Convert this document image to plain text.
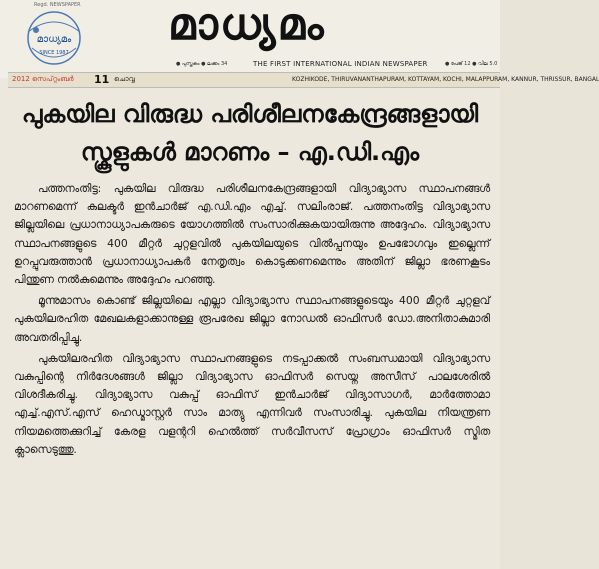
Regd. NEWSPAPER
മാധ്യമം
SINCE 1987
മാധ്യമം
● പുസ്തകം ● ലക്കം 34	THE FIRST INTERNATIONAL INDIAN NEWSPAPER	● പേജ് 12 ● വില 5.0
2012 സെപ്റ്റംബർ 11 ചൊവ്വ	KOZHIKODE, THIRUVANANTHAPURAM, KOTTAYAM, KOCHI, MALAPPURAM, KANNUR, THRISSUR, BANGAL
പുകയില വിരുദ്ധ പരിശീലനകേന്ദ്രങ്ങളായി
സ്കൂളുകൾ മാറണം – എ.ഡി.എം

പത്തനംതിട്ട: പുകയില വിരുദ്ധ പരിശീലനകേന്ദ്രങ്ങളായി വിദ്യാഭ്യാസ സ്ഥാപനങ്ങൾ മാറണമെന്ന് കലക്ടർ ഇൻചാർജ് എ.ഡി.എം എച്ച്. സലിംരാജ്. പത്തനംതിട്ട വിദ്യാഭ്യാസ ജില്ലയിലെ പ്രധാനാധ്യാപകരുടെ യോഗത്തിൽ സംസാരിക്കുകയായിരുന്നു അദ്ദേഹം. വിദ്യാഭ്യാസ സ്ഥാപനങ്ങളുടെ 400 മീറ്റർ ചുറ്റളവിൽ പുകയിലയുടെ വിൽപ്പനയും ഉപഭോഗവും ഇല്ലെന്ന് ഉറപ്പുവരുത്താൻ പ്രധാനാധ്യാപകർ നേതൃത്വം കൊടുക്കണമെന്നും അതിന് ജില്ലാ ഭരണകൂടം പിന്തുണ നൽകുമെന്നും അദ്ദേഹം പറഞ്ഞു.

മൂന്നുമാസം കൊണ്ട് ജില്ലയിലെ എല്ലാ വിദ്യാഭ്യാസ സ്ഥാപനങ്ങളുടെയും 400 മീറ്റർ ചുറ്റളവ് പുകയിലരഹിത മേഖലകളാക്കാനുള്ള രൂപരേഖ ജില്ലാ നോഡൽ ഓഫിസർ ഡോ.അനിതാകുമാരി അവതരിപ്പിച്ചു.

പുകയിലരഹിത വിദ്യാഭ്യാസ സ്ഥാപനങ്ങളുടെ നടപ്പാക്കൽ സംബന്ധമായി വിദ്യാഭ്യാസ വകുപ്പിന്റെ നിർദേശങ്ങൾ ജില്ലാ വിദ്യാഭ്യാസ ഓഫിസർ സെയ്ന അസീസ് പാലശേരിൽ വിശദീകരിച്ചു. വിദ്യാഭ്യാസ വകുപ്പ് ഓഫിസ് ഇൻചാർജ് വിദ്യാസാഗർ, മാർത്തോമാ എച്ച്.എസ്.എസ് ഹെഡ്മാസ്റ്റർ സാം മാത്യു എന്നിവർ സംസാരിച്ചു. പുകയില നിയന്ത്രണ നിയമത്തെക്കുറിച്ച് കേരള വളന്ററി ഹെൽത്ത് സർവീസസ് പ്രോഗ്രാം ഓഫിസർ സ്മിത ക്ലാസെടുത്തു.
